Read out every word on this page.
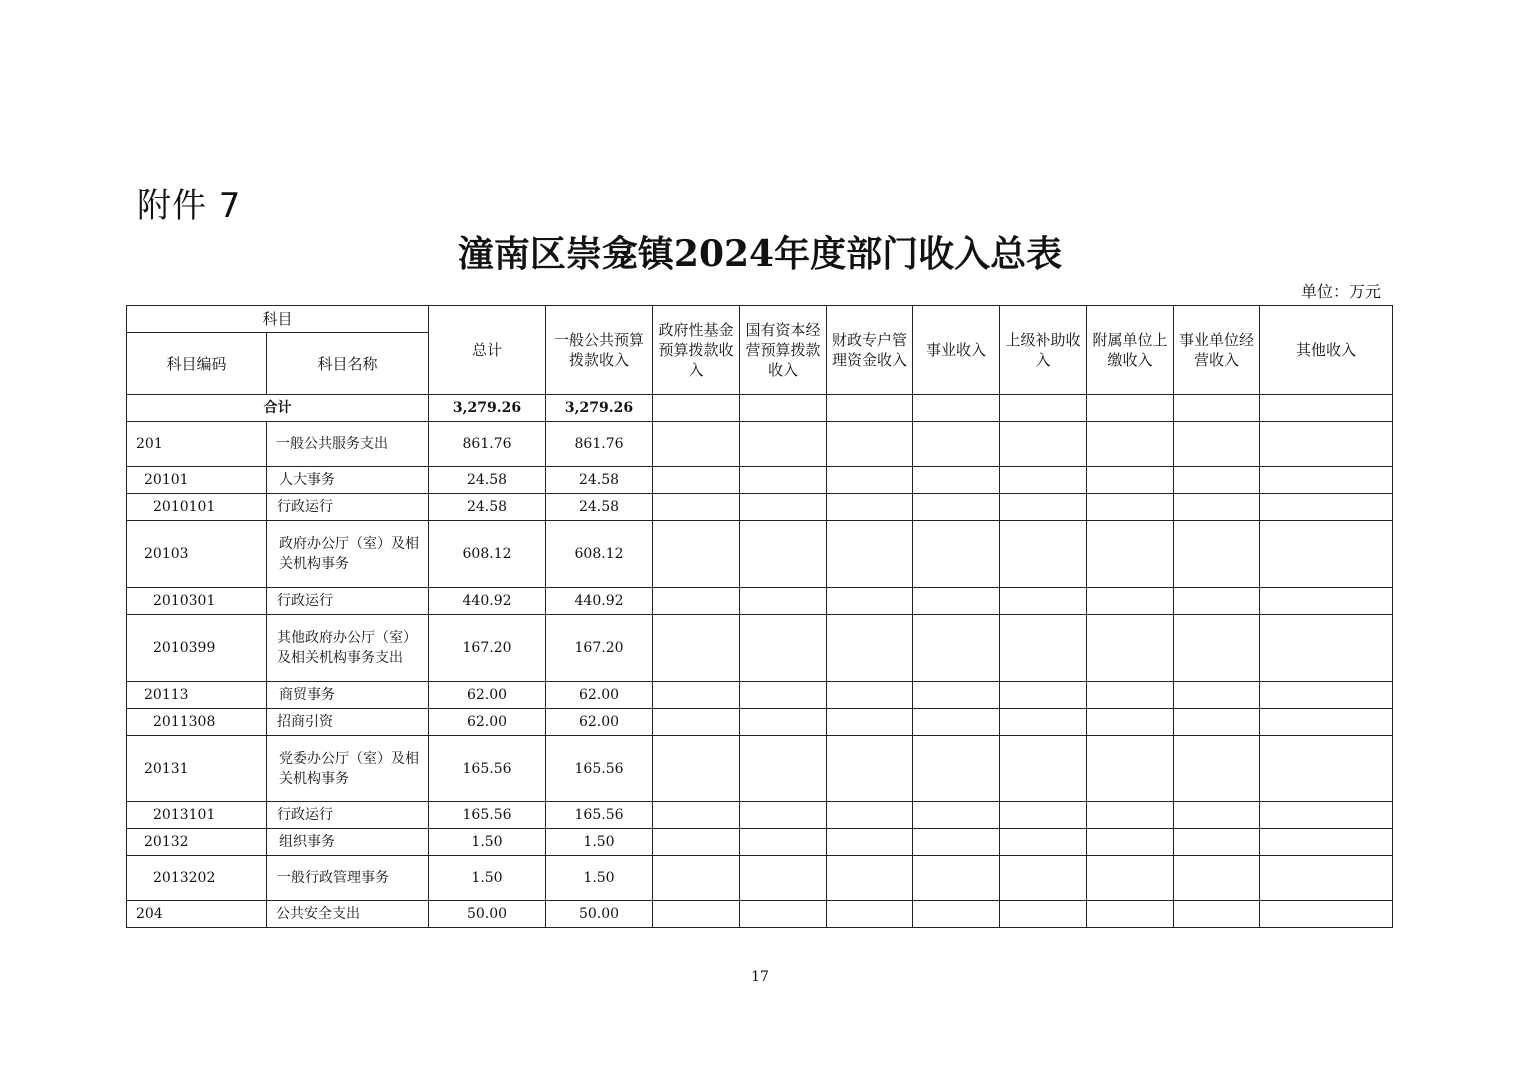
附件 7
潼南区崇龛镇2024年度部门收入总表
单位：万元
科目		总计	一般公共预算拨款收入	政府性基金预算拨款收入	国有资本经营预算拨款收入	财政专户管理资金收入	事业收入	上级补助收入	附属单位上缴收入	事业单位经营收入	其他收入
科目编码	科目名称										
合计		3,279.26	3,279.26								
201	一般公共服务支出	861.76	861.76								
20101	人大事务	24.58	24.58								
2010101	行政运行	24.58	24.58								
20103	政府办公厅（室）及相关机构事务	608.12	608.12								
2010301	行政运行	440.92	440.92								
2010399	其他政府办公厅（室）及相关机构事务支出	167.20	167.20								
20113	商贸事务	62.00	62.00								
2011308	招商引资	62.00	62.00								
20131	党委办公厅（室）及相关机构事务	165.56	165.56								
2013101	行政运行	165.56	165.56								
20132	组织事务	1.50	1.50								
2013202	一般行政管理事务	1.50	1.50								
204	公共安全支出	50.00	50.00								
17
